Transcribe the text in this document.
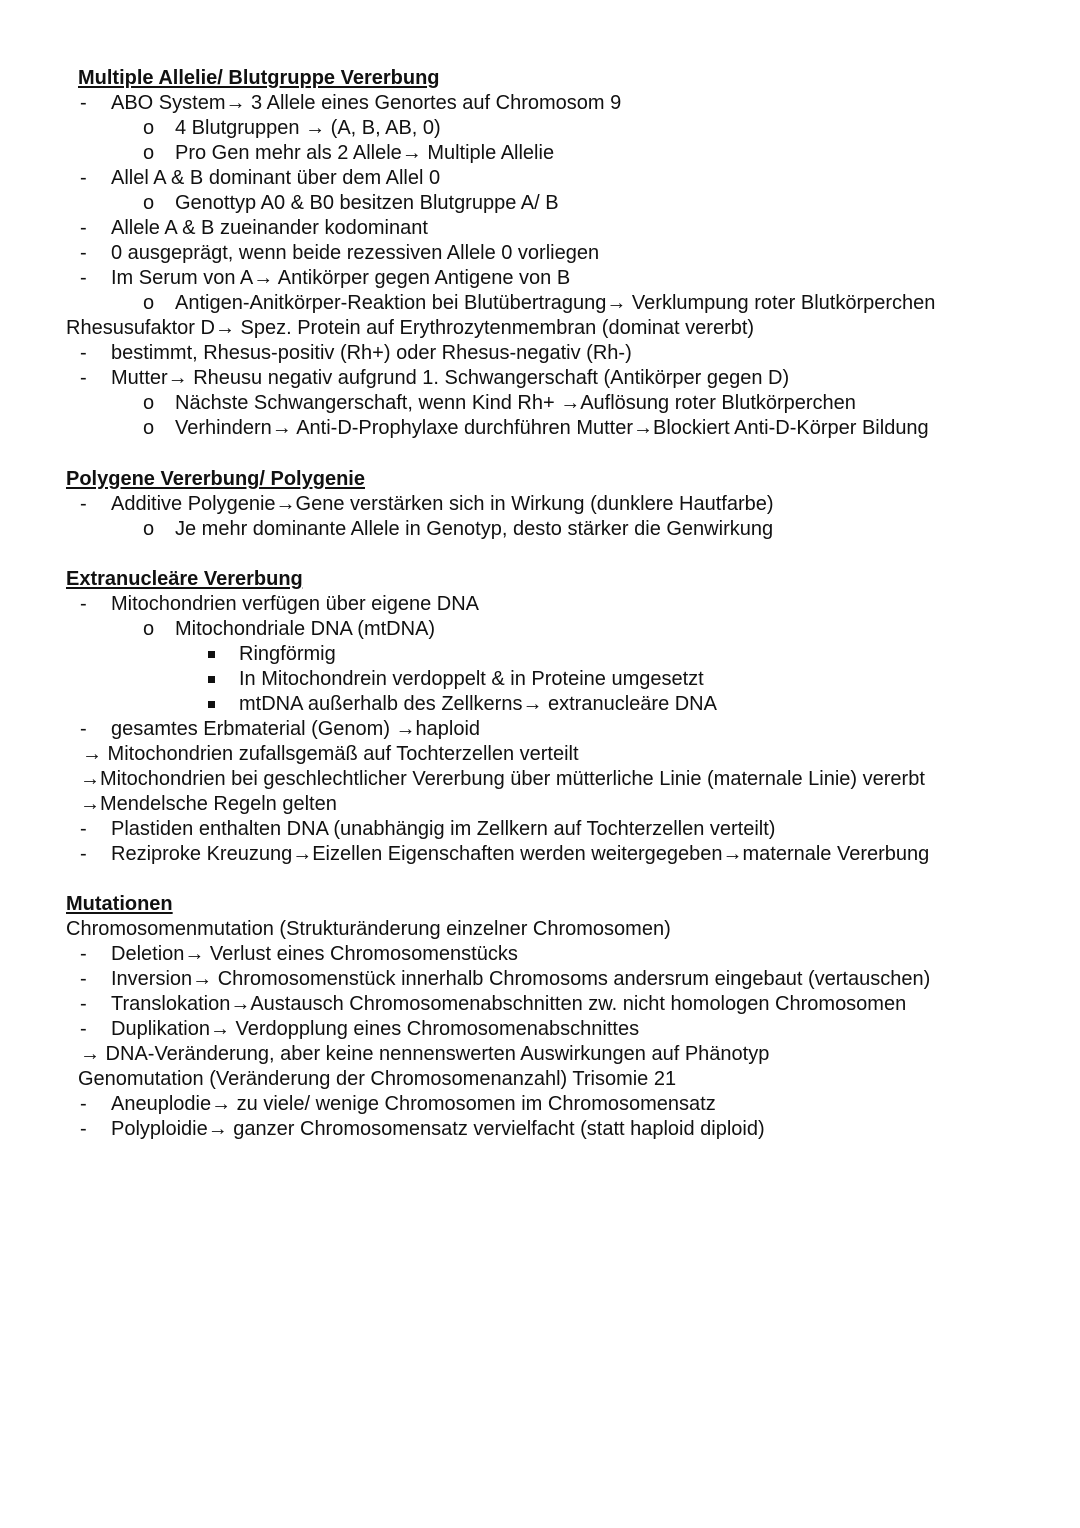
Multiple Allelie/ Blutgruppe Vererbung
- ABO System→ 3 Allele eines Genortes auf Chromosom 9
o 4 Blutgruppen → (A, B, AB, 0)
o Pro Gen mehr als 2 Allele→ Multiple Allelie
- Allel A & B dominant über dem Allel 0
o Genottyp A0 & B0 besitzen Blutgruppe A/ B
- Allele A & B zueinander kodominant
- 0 ausgeprägt, wenn beide rezessiven Allele 0 vorliegen
- Im Serum von A→ Antikörper gegen Antigene von B
o Antigen-Anitkörper-Reaktion bei Blutübertragung→ Verklumpung roter Blutkörperchen
Rhesusufaktor D→ Spez. Protein auf Erythrozytenmembran (dominat vererbt)
- bestimmt, Rhesus-positiv (Rh+) oder Rhesus-negativ (Rh-)
- Mutter→ Rheusu negativ aufgrund 1. Schwangerschaft (Antikörper gegen D)
o Nächste Schwangerschaft, wenn Kind Rh+ →Auflösung roter Blutkörperchen
o Verhindern→ Anti-D-Prophylaxe durchführen Mutter→Blockiert Anti-D-Körper Bildung
Polygene Vererbung/ Polygenie
- Additive Polygenie→Gene verstärken sich in Wirkung (dunklere Hautfarbe)
o Je mehr dominante Allele in Genotyp, desto stärker die Genwirkung
Extranucleäre Vererbung
- Mitochondrien verfügen über eigene DNA
o Mitochondriale DNA (mtDNA)
Ringförmig
In Mitochondrein verdoppelt & in Proteine umgesetzt
mtDNA außerhalb des Zellkerns→ extranucleäre DNA
- gesamtes Erbmaterial (Genom) →haploid
→ Mitochondrien zufallsgemäß auf Tochterzellen verteilt
→Mitochondrien bei geschlechtlicher Vererbung über mütterliche Linie (maternale Linie) vererbt
→Mendelsche Regeln gelten
- Plastiden enthalten DNA (unabhängig im Zellkern auf Tochterzellen verteilt)
- Reziproke Kreuzung→Eizellen Eigenschaften werden weitergegeben→maternale Vererbung
Mutationen
Chromosomenmutation (Strukturänderung einzelner Chromosomen)
- Deletion→ Verlust eines Chromosomenstücks
- Inversion→ Chromosomenstück innerhalb Chromosoms andersrum eingebaut (vertauschen)
- Translokation→Austausch Chromosomenabschnitten zw. nicht homologen Chromosomen
- Duplikation→ Verdopplung eines Chromosomenabschnittes
→ DNA-Veränderung, aber keine nennenswerten Auswirkungen auf Phänotyp
Genomutation (Veränderung der Chromosomenanzahl) Trisomie 21
- Aneuplodie→ zu viele/ wenige Chromosomen im Chromosomensatz
- Polyploidie→ ganzer Chromosomensatz vervielfacht (statt haploid diploid)
